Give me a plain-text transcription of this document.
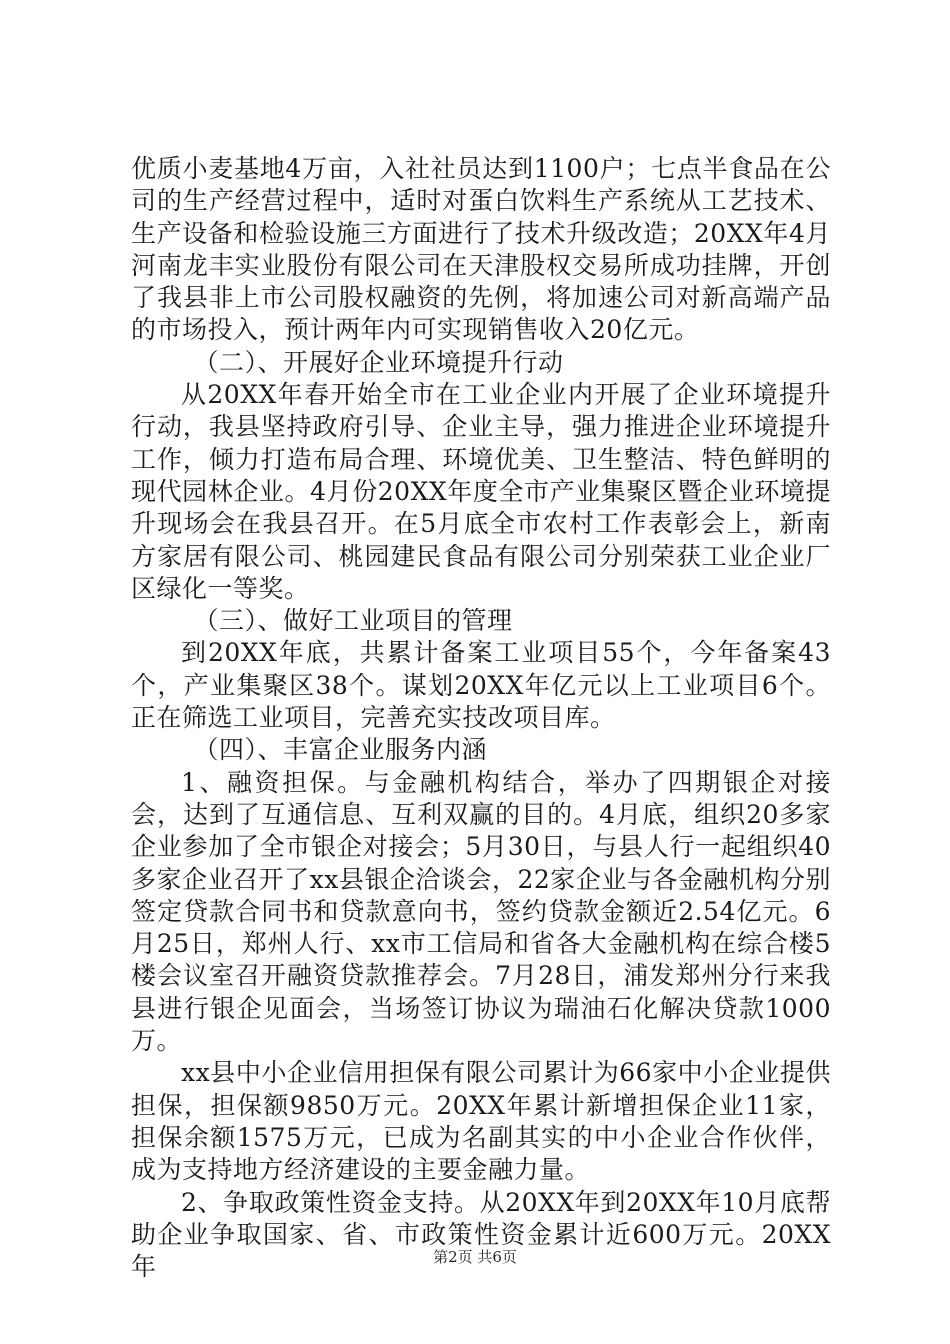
优质小麦基地4万亩，入社社员达到1100户；七点半食品在公司的生产经营过程中，适时对蛋白饮料生产系统从工艺技术、生产设备和检验设施三方面进行了技术升级改造；20XX年4月河南龙丰实业股份有限公司在天津股权交易所成功挂牌，开创了我县非上市公司股权融资的先例，将加速公司对新高端产品的市场投入，预计两年内可实现销售收入20亿元。

（二）、开展好企业环境提升行动

从20XX年春开始全市在工业企业内开展了企业环境提升行动，我县坚持政府引导、企业主导，强力推进企业环境提升工作，倾力打造布局合理、环境优美、卫生整洁、特色鲜明的现代园林企业。4月份20XX年度全市产业集聚区暨企业环境提升现场会在我县召开。在5月底全市农村工作表彰会上，新南方家居有限公司、桃园建民食品有限公司分别荣获工业企业厂区绿化一等奖。

（三）、做好工业项目的管理

到20XX年底，共累计备案工业项目55个，今年备案43个，产业集聚区38个。谋划20XX年亿元以上工业项目6个。正在筛选工业项目，完善充实技改项目库。

（四）、丰富企业服务内涵

1、融资担保。与金融机构结合，举办了四期银企对接会，达到了互通信息、互利双赢的目的。4月底，组织20多家企业参加了全市银企对接会；5月30日，与县人行一起组织40多家企业召开了xx县银企洽谈会，22家企业与各金融机构分别签定贷款合同书和贷款意向书，签约贷款金额近2.54亿元。6月25日，郑州人行、xx市工信局和省各大金融机构在综合楼5楼会议室召开融资贷款推荐会。7月28日，浦发郑州分行来我县进行银企见面会，当场签订协议为瑞油石化解决贷款1000万。

xx县中小企业信用担保有限公司累计为66家中小企业提供担保，担保额9850万元。20XX年累计新增担保企业11家，担保余额1575万元，已成为名副其实的中小企业合作伙伴，成为支持地方经济建设的主要金融力量。

2、争取政策性资金支持。从20XX年到20XX年10月底帮助企业争取国家、省、市政策性资金累计近600万元。20XX年	第2页 共6页
